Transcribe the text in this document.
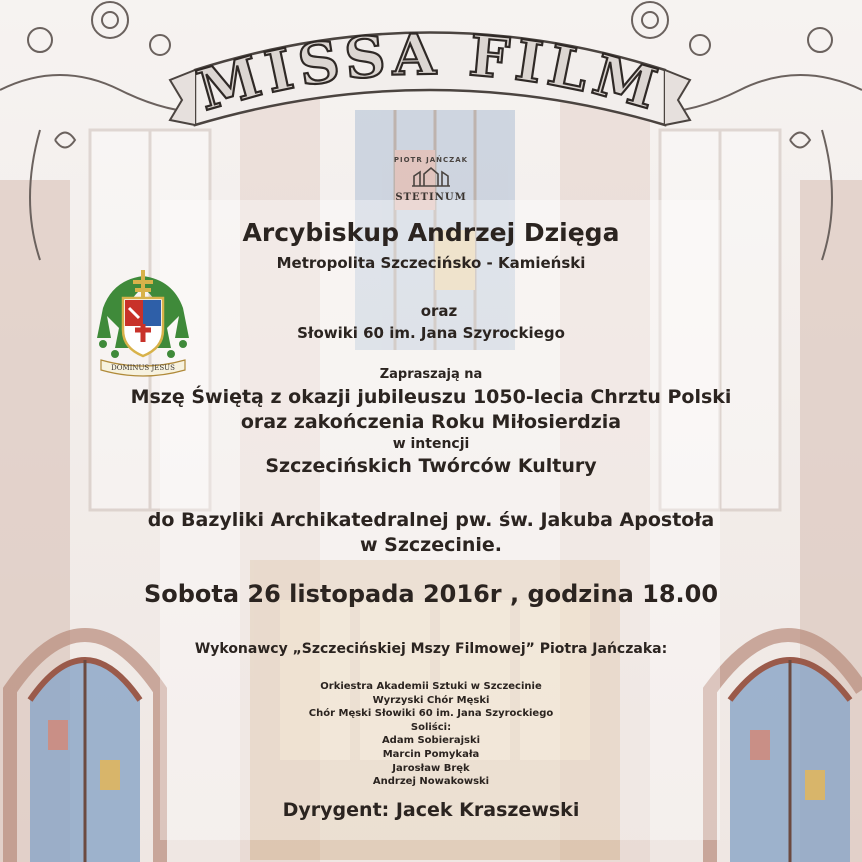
MISSA FILM
PIOTR JAŃCZAK
STETINUM
DOMINUS JESUS
Arcybiskup Andrzej Dzięga
Metropolita Szczecińsko - Kamieński
oraz
Słowiki 60 im. Jana Szyrockiego
Zapraszają na
Mszę Świętą z okazji jubileuszu 1050-lecia Chrztu Polski
oraz zakończenia Roku Miłosierdzia
w intencji
Szczecińskich Twórców Kultury
do Bazyliki Archikatedralnej pw. św. Jakuba Apostoła
w Szczecinie.
Sobota 26 listopada 2016r , godzina 18.00
Wykonawcy „Szczecińskiej Mszy Filmowej” Piotra Jańczaka:
Orkiestra Akademii Sztuki w Szczecinie
Wyrzyski Chór Męski
Chór Męski Słowiki 60 im. Jana Szyrockiego
Soliści:
Adam Sobierajski
Marcin Pomykała
Jarosław Bręk
Andrzej Nowakowski
Dyrygent: Jacek Kraszewski
